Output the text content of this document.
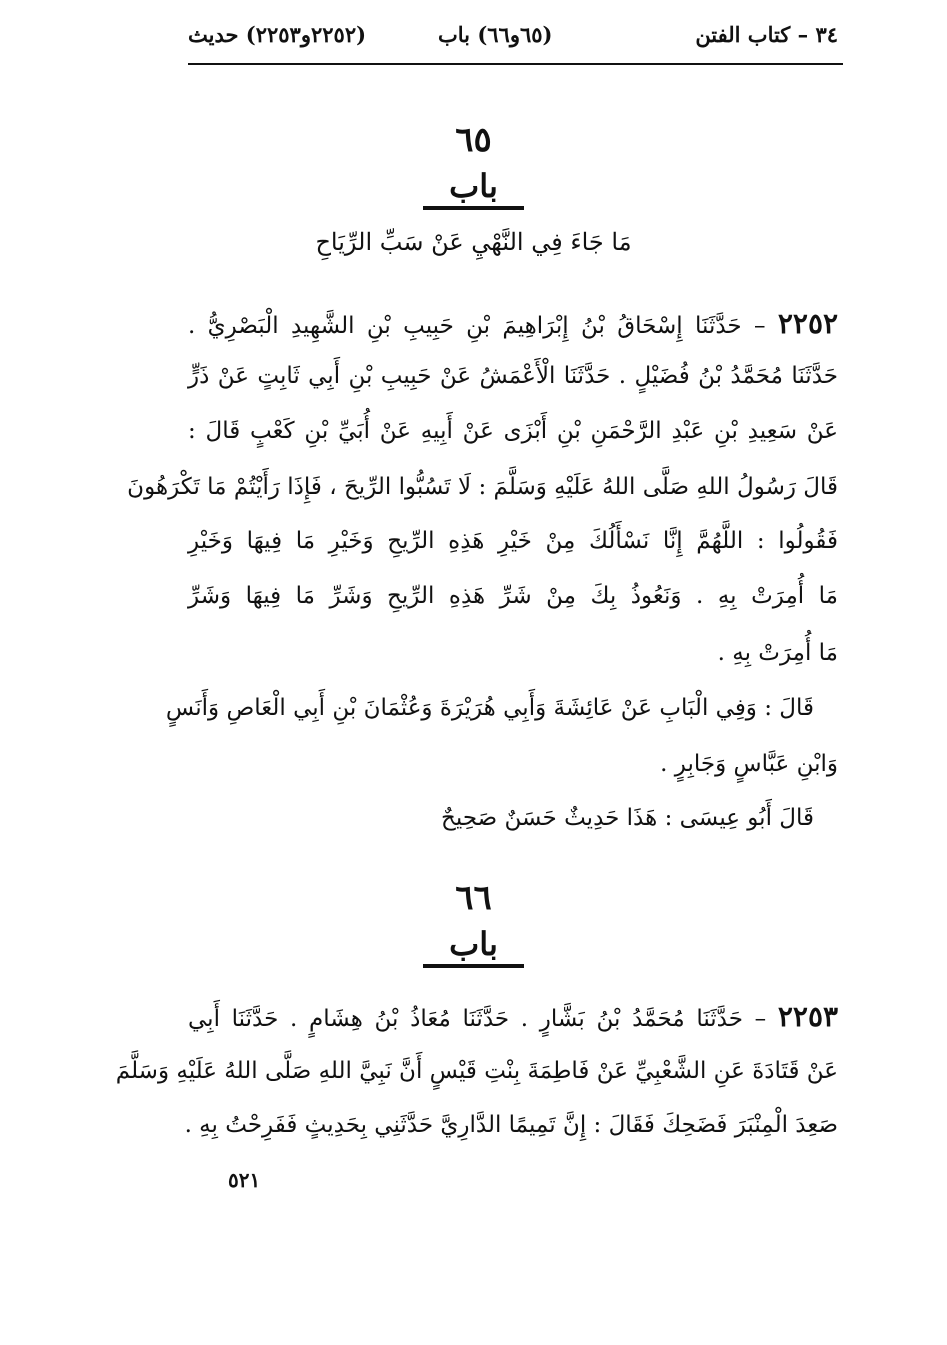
٣٤ – كتاب الفتن
(٦٥و٦٦) باب
(٢٢٥٢و٢٢٥٣) حديث
٦٥
باب
مَا جَاءَ فِي النَّهْيِ عَنْ سَبِّ الرِّيَاحِ
٢٢٥٢ – حَدَّثَنَا إِسْحَاقُ بْنُ إِبْرَاهِيمَ بْنِ حَبِيبِ بْنِ الشَّهِيدِ الْبَصْرِيُّ .
حَدَّثَنَا مُحَمَّدُ بْنُ فُضَيْلٍ . حَدَّثَنَا الْأَعْمَشُ عَنْ حَبِيبِ بْنِ أَبِي ثَابِتٍ عَنْ ذَرٍّ
عَنْ سَعِيدِ بْنِ عَبْدِ الرَّحْمَنِ بْنِ أَبْزَى عَنْ أَبِيهِ عَنْ أُبَيِّ بْنِ كَعْبٍ قَالَ :
قَالَ رَسُولُ اللهِ صَلَّى اللهُ عَلَيْهِ وَسَلَّمَ : لَا تَسُبُّوا الرِّيحَ ، فَإِذَا رَأَيْتُمْ مَا تَكْرَهُونَ
فَقُولُوا : اللَّهُمَّ إِنَّا نَسْأَلُكَ مِنْ خَيْرِ هَذِهِ الرِّيحِ وَخَيْرِ مَا فِيهَا وَخَيْرِ
مَا أُمِرَتْ بِهِ . وَنَعُوذُ بِكَ مِنْ شَرِّ هَذِهِ الرِّيحِ وَشَرِّ مَا فِيهَا وَشَرِّ
مَا أُمِرَتْ بِهِ .
قَالَ : وَفِي الْبَابِ عَنْ عَائِشَةَ وَأَبِي هُرَيْرَةَ وَعُثْمَانَ بْنِ أَبِي الْعَاصِ وَأَنَسٍ
وَابْنِ عَبَّاسٍ وَجَابِرٍ .
قَالَ أَبُو عِيسَى : هَذَا حَدِيثٌ حَسَنٌ صَحِيحٌ
٦٦
باب
٢٢٥٣ – حَدَّثَنَا مُحَمَّدُ بْنُ بَشَّارٍ . حَدَّثَنَا مُعَاذُ بْنُ هِشَامٍ . حَدَّثَنَا أَبِي
عَنْ قَتَادَةَ عَنِ الشَّعْبِيِّ عَنْ فَاطِمَةَ بِنْتِ قَيْسٍ أَنَّ نَبِيَّ اللهِ صَلَّى اللهُ عَلَيْهِ وَسَلَّمَ
صَعِدَ الْمِنْبَرَ فَضَحِكَ فَقَالَ : إِنَّ تَمِيمًا الدَّارِيَّ حَدَّثَنِي بِحَدِيثٍ فَفَرِحْتُ بِهِ .
٥٢١
